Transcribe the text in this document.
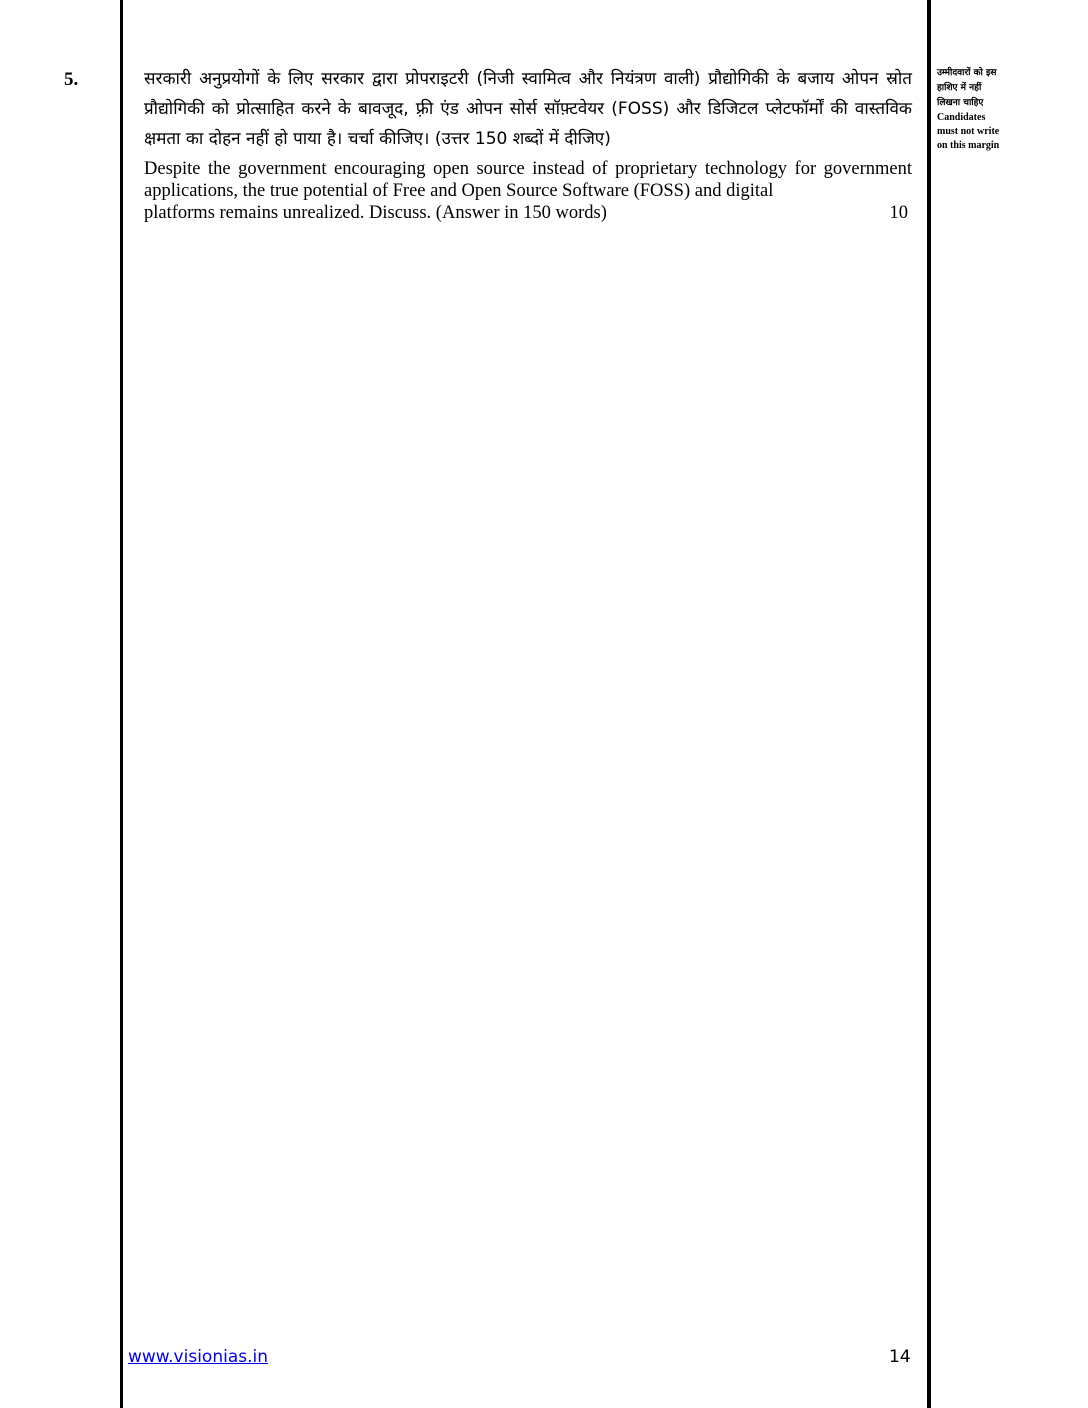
5.	सरकारी अनुप्रयोगों के लिए सरकार द्वारा प्रोपराइटरी (निजी स्वामित्व और नियंत्रण वाली) प्रौद्योगिकी के बजाय ओपन स्रोत प्रौद्योगिकी को प्रोत्साहित करने के बावजूद, फ़्री एंड ओपन सोर्स सॉफ़्टवेयर (FOSS) और डिजिटल प्लेटफॉर्मों की वास्तविक क्षमता का दोहन नहीं हो पाया है। चर्चा कीजिए। (उत्तर 150 शब्दों में दीजिए)

Despite the government encouraging open source instead of proprietary technology for government applications, the true potential of Free and Open Source Software (FOSS) and digital

platforms remains unrealized. Discuss. (Answer in 150 words)	10

उम्मीदवारों को इस हाशिए में नहीं लिखना चाहिए

Candidates must not write on this margin

www.visionias.in	14
